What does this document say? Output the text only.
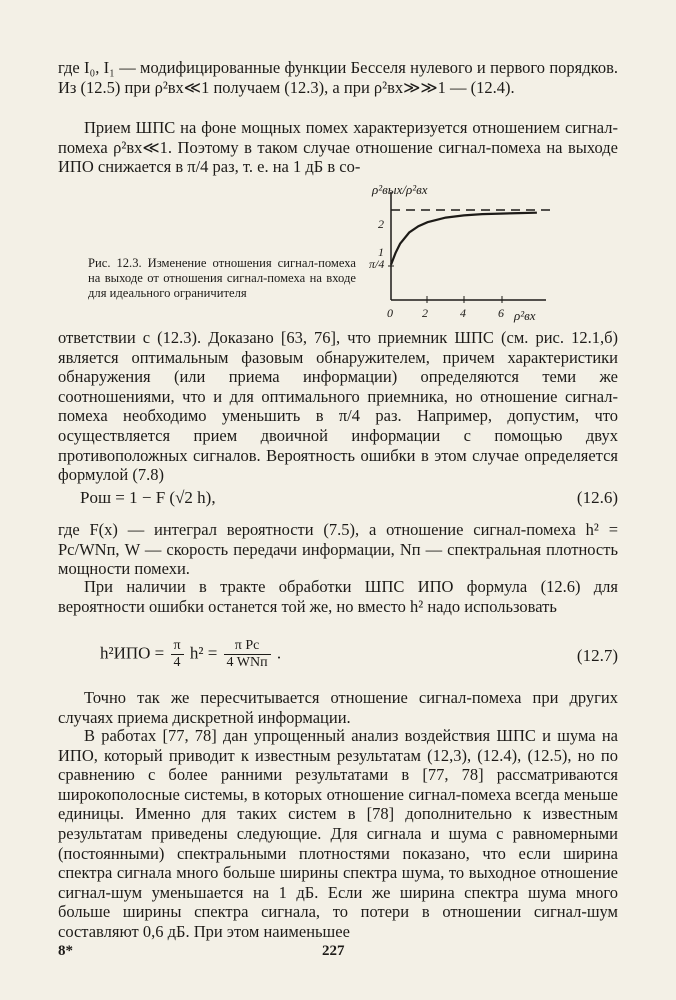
где I₀, I₁ — модифицированные функции Бесселя нулевого и первого порядков. Из (12.5) при ρ²вх≪1 получаем (12.3), а при ρ²вх≫≫1 — (12.4).

Прием ШПС на фоне мощных помех характеризуется отношением сигнал-помеха ρ²вх≪1. Поэтому в таком случае отношение сигнал-помеха на выходе ИПО снижается в π/4 раз, т. е. на 1 дБ в со-

Рис. 12.3. Изменение отношения сигнал-помеха на выходе от отношения сигнал-помеха на входе для идеального ограничителя

ρ²вых/ρ²вх
ρ²вх
2
1
π/4
0 2	4	6

ответствии с (12.3). Доказано [63, 76], что приемник ШПС (см. рис. 12.1,б) является оптимальным фазовым обнаружителем, причем характеристики обнаружения (или приема информации) определяются теми же соотношениями, что и для оптимального приемника, но отношение сигнал-помеха необходимо уменьшить в π/4 раз. Например, допустим, что осуществляется прием двоичной информации с помощью двух противоположных сигналов. Вероятность ошибки в этом случае определяется формулой (7.8)

Pош = 1 − F (√2 h),	(12.6)

где F(x) — интеграл вероятности (7.5), а отношение сигнал-помеха h² = Pс/WNп, W — скорость передачи информации, Nп — спектральная плотность мощности помехи.

При наличии в тракте обработки ШПС ИПО формула (12.6) для вероятности ошибки останется той же, но вместо h² надо использовать

$h^2ИПО = \frac{\pi}{4} h^2 = \frac{\text{π Pс}}{\text{4 WNп}}$ .	(12.7)

Точно так же пересчитывается отношение сигнал-помеха при других случаях приема дискретной информации.

В работах [77, 78] дан упрощенный анализ воздействия ШПС и шума на ИПО, который приводит к известным результатам (12,3), (12.4), (12.5), но по сравнению с более ранними результатами в [77, 78] рассматриваются широкополосные системы, в которых отношение сигнал-помеха всегда меньше единицы. Именно для таких систем в [78] дополнительно к известным результатам приведены следующие. Для сигнала и шума с равномерными (постоянными) спектральными плотностями показано, что если ширина спектра сигнала много больше ширины спектра шума, то выходное отношение сигнал-шум уменьшается на 1 дБ. Если же ширина спектра шума много больше ширины спектра сигнала, то потери в отношении сигнал-шум составляют 0,6 дБ. При этом наименьшее

8*	227
